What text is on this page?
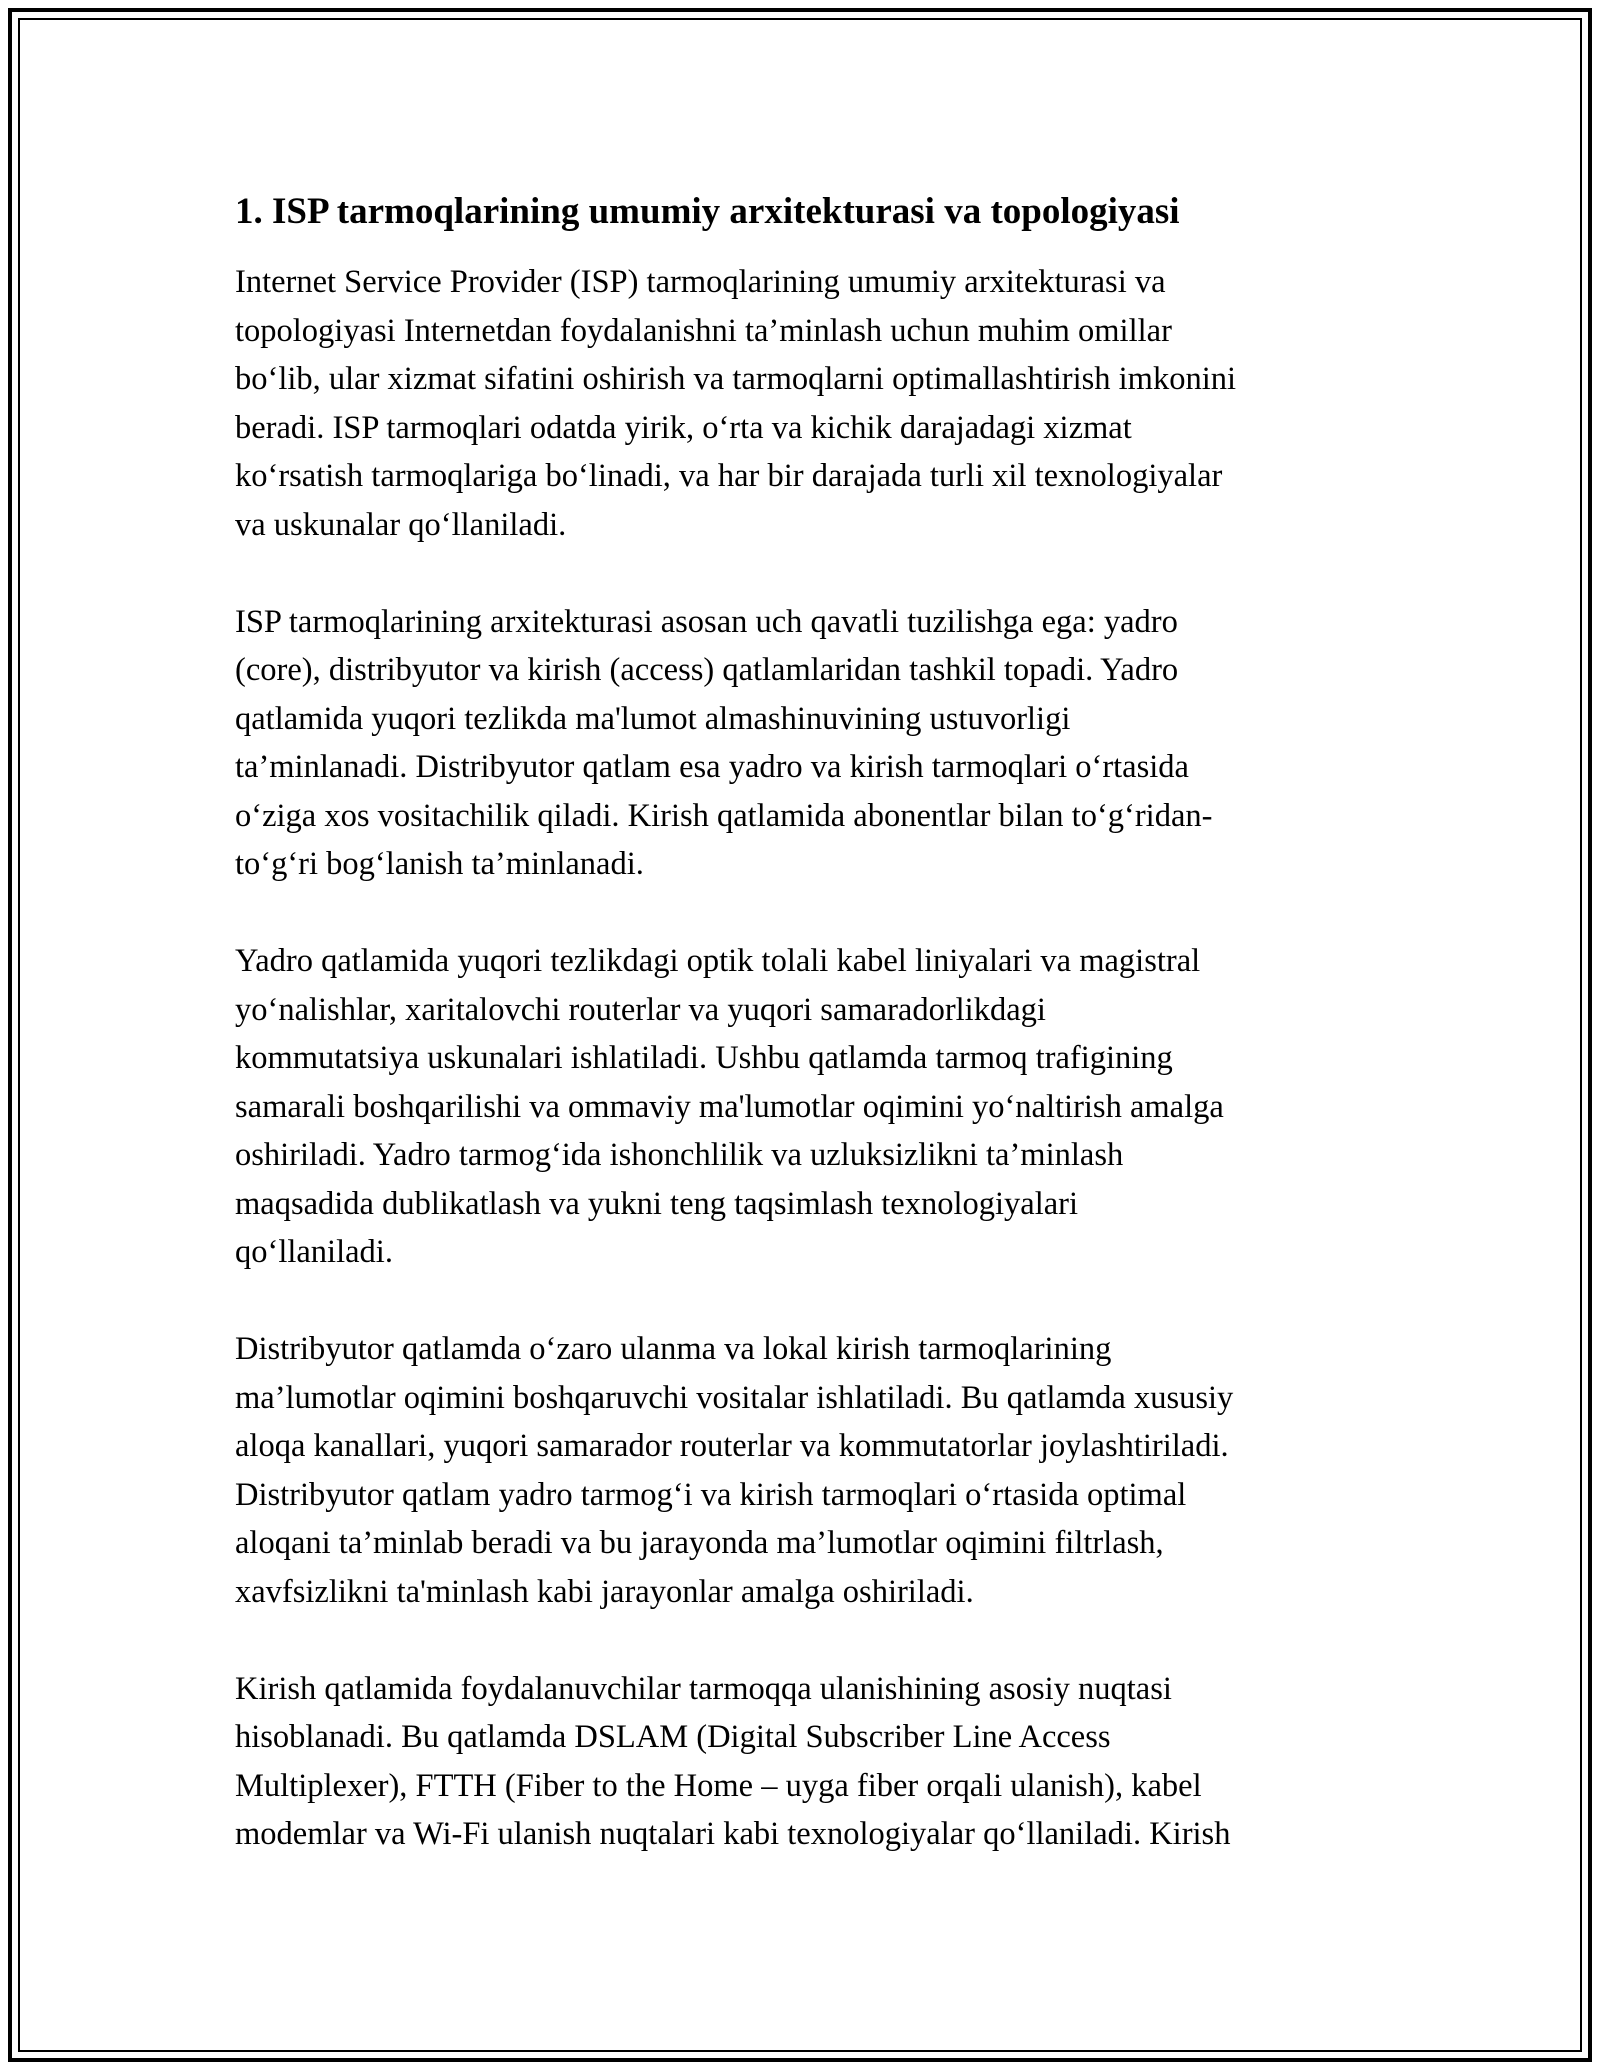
1. ISP tarmoqlarining umumiy arxitekturasi va topologiyasi
Internet Service Provider (ISP) tarmoqlarining umumiy arxitekturasi va
topologiyasi Internetdan foydalanishni ta’minlash uchun muhim omillar
bo‘lib, ular xizmat sifatini oshirish va tarmoqlarni optimallashtirish imkonini
beradi. ISP tarmoqlari odatda yirik, o‘rta va kichik darajadagi xizmat
ko‘rsatish tarmoqlariga bo‘linadi, va har bir darajada turli xil texnologiyalar
va uskunalar qo‘llaniladi.
ISP tarmoqlarining arxitekturasi asosan uch qavatli tuzilishga ega: yadro
(core), distribyutor va kirish (access) qatlamlaridan tashkil topadi. Yadro
qatlamida yuqori tezlikda ma'lumot almashinuvining ustuvorligi
ta’minlanadi. Distribyutor qatlam esa yadro va kirish tarmoqlari o‘rtasida
o‘ziga xos vositachilik qiladi. Kirish qatlamida abonentlar bilan to‘g‘ridan-
to‘g‘ri bog‘lanish ta’minlanadi.
Yadro qatlamida yuqori tezlikdagi optik tolali kabel liniyalari va magistral
yo‘nalishlar, xaritalovchi routerlar va yuqori samaradorlikdagi
kommutatsiya uskunalari ishlatiladi. Ushbu qatlamda tarmoq trafigining
samarali boshqarilishi va ommaviy ma'lumotlar oqimini yo‘naltirish amalga
oshiriladi. Yadro tarmog‘ida ishonchlilik va uzluksizlikni ta’minlash
maqsadida dublikatlash va yukni teng taqsimlash texnologiyalari
qo‘llaniladi.
Distribyutor qatlamda o‘zaro ulanma va lokal kirish tarmoqlarining
ma’lumotlar oqimini boshqaruvchi vositalar ishlatiladi. Bu qatlamda xususiy
aloqa kanallari, yuqori samarador routerlar va kommutatorlar joylashtiriladi.
Distribyutor qatlam yadro tarmog‘i va kirish tarmoqlari o‘rtasida optimal
aloqani ta’minlab beradi va bu jarayonda ma’lumotlar oqimini filtrlash,
xavfsizlikni ta'minlash kabi jarayonlar amalga oshiriladi.
Kirish qatlamida foydalanuvchilar tarmoqqa ulanishining asosiy nuqtasi
hisoblanadi. Bu qatlamda DSLAM (Digital Subscriber Line Access
Multiplexer), FTTH (Fiber to the Home – uyga fiber orqali ulanish), kabel
modemlar va Wi-Fi ulanish nuqtalari kabi texnologiyalar qo‘llaniladi. Kirish
